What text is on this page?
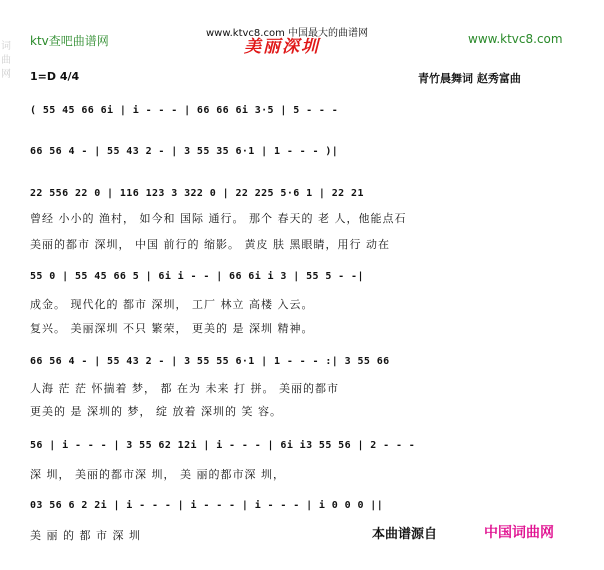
词 曲 网
ktv查吧曲谱网
www.ktvc8.com 中国最大的曲谱网	www.ktvc8.com
美丽深圳
1=D 4/4	青竹晨舞词 赵秀富曲
( 55 45 66 6i | i - - - | 66 66 6i 3·5 | 5 - - -
66 56 4 - | 55 43 2 - | 3 55 35 6·1 | 1 - - - )|
22 556 22 0 | 116 123 3 322 0 | 22 225 5·6 1 | 22 21
曾经 小小的 渔村， 如今和 国际 通行。 那个 春天的 老 人，他能点石
美丽的都市 深圳， 中国 前行的 缩影。 黄皮 肤 黑眼睛，用行 动在
55 0 | 55 45 66 5 | 6i i - - | 66 6i i 3 | 55 5 - -|
成金。 现代化的 都市 深圳， 工厂 林立 高楼 入云。
复兴。 美丽深圳 不只 繁荣， 更美的 是 深圳 精神。
66 56 4 - | 55 43 2 - | 3 55 55 6·1 | 1 - - - :| 3 55 66
人海 茫 茫 怀揣着 梦， 都 在为 未来 打 拼。 美丽的都市
更美的 是 深圳的 梦， 绽 放着 深圳的 笑 容。
56 | i - - - | 3 55 62 12i | i - - - | 6i i3 55 56 | 2 - - -
深 圳， 美丽的都市深 圳， 美 丽的都市深 圳，
03 56 6 2 2i | i - - - | i - - - | i - - - | i 0 0 0 ||
美 丽 的 都 市 深 圳	本曲谱源自	中国词曲网
